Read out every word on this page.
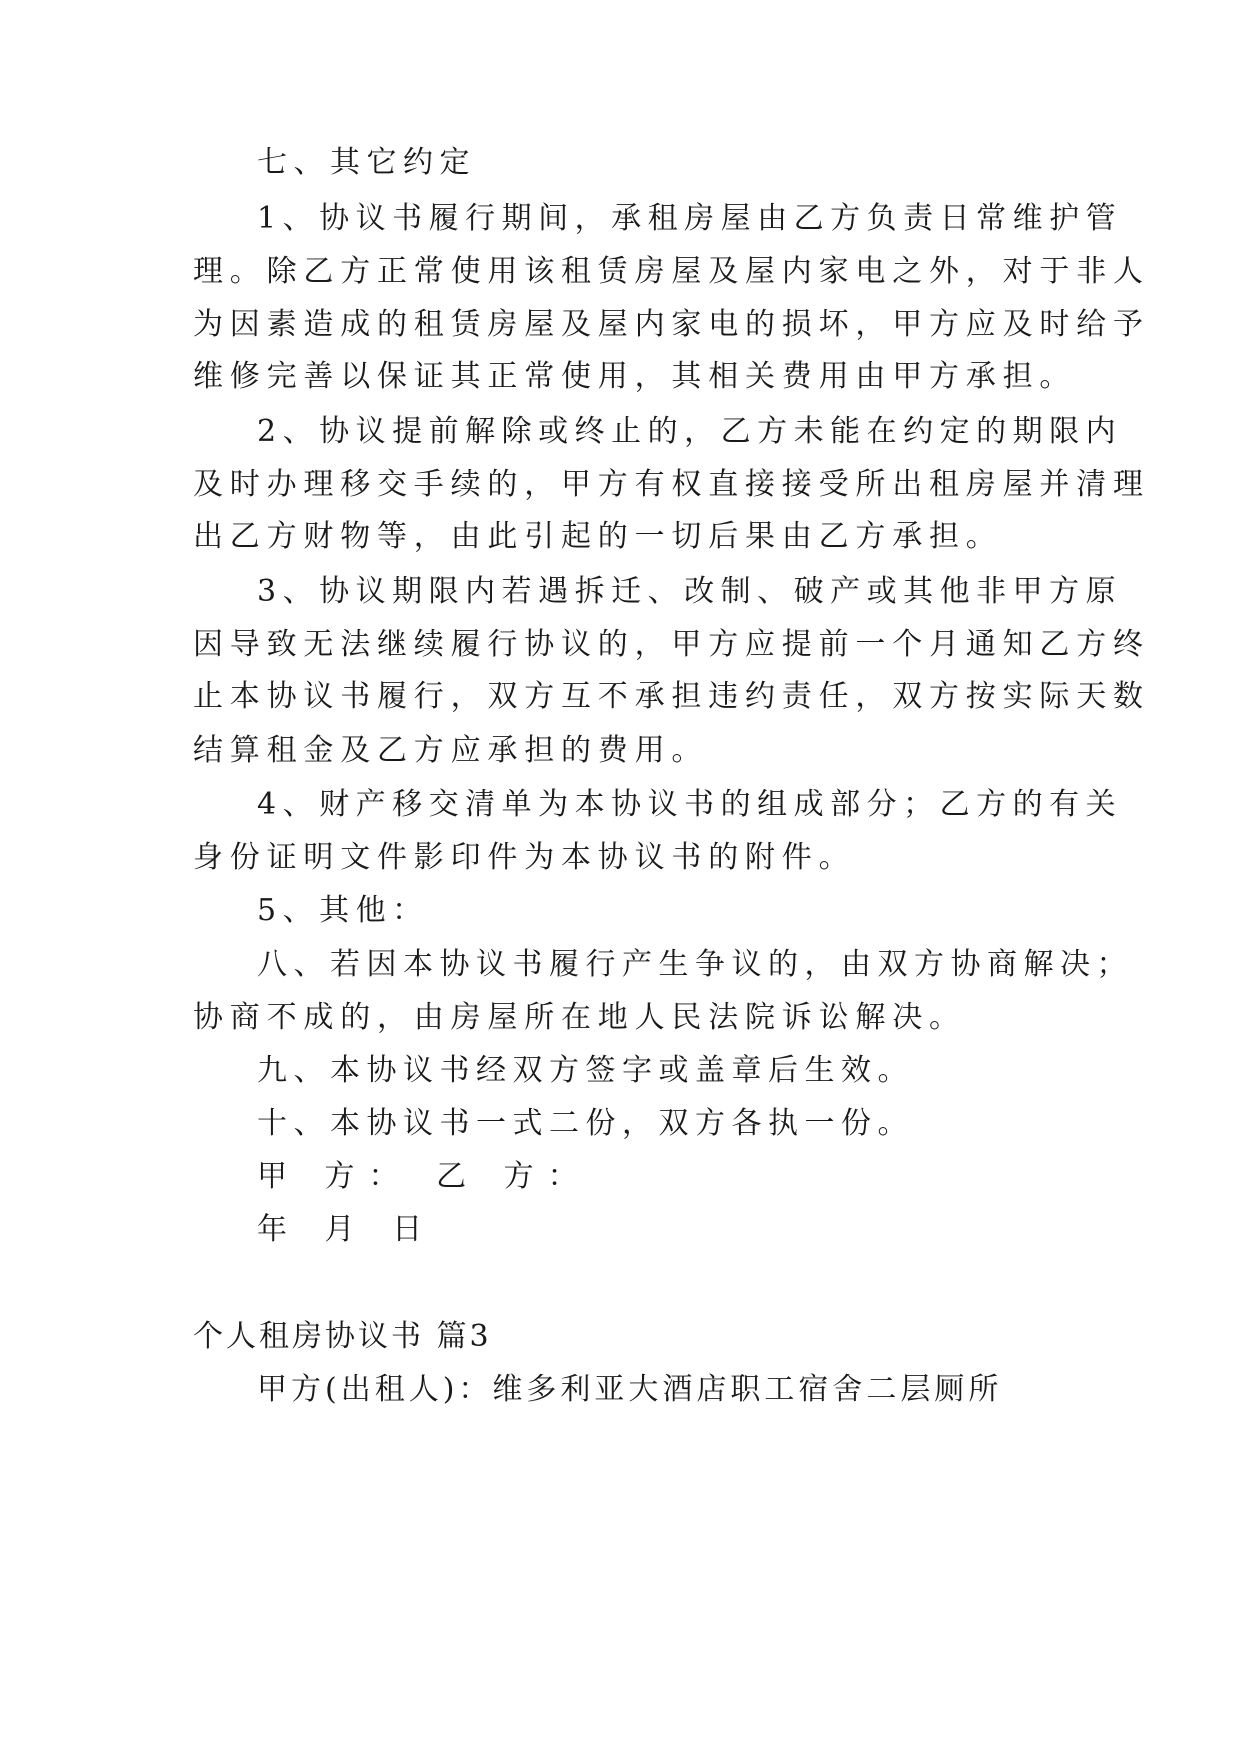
七、其它约定
1、协议书履行期间，承租房屋由乙方负责日常维护管
理。除乙方正常使用该租赁房屋及屋内家电之外，对于非人
为因素造成的租赁房屋及屋内家电的损坏，甲方应及时给予
维修完善以保证其正常使用，其相关费用由甲方承担。
2、协议提前解除或终止的，乙方未能在约定的期限内
及时办理移交手续的，甲方有权直接接受所出租房屋并清理
出乙方财物等，由此引起的一切后果由乙方承担。
3、协议期限内若遇拆迁、改制、破产或其他非甲方原
因导致无法继续履行协议的，甲方应提前一个月通知乙方终
止本协议书履行，双方互不承担违约责任，双方按实际天数
结算租金及乙方应承担的费用。
4、财产移交清单为本协议书的组成部分；乙方的有关
身份证明文件影印件为本协议书的附件。
5、其他：
八、若因本协议书履行产生争议的，由双方协商解决；
协商不成的，由房屋所在地人民法院诉讼解决。
九、本协议书经双方签字或盖章后生效。
十、本协议书一式二份，双方各执一份。
甲 方： 乙 方：
年 月 日
个人租房协议书 篇3
甲方(出租人)：维多利亚大酒店职工宿舍二层厕所
